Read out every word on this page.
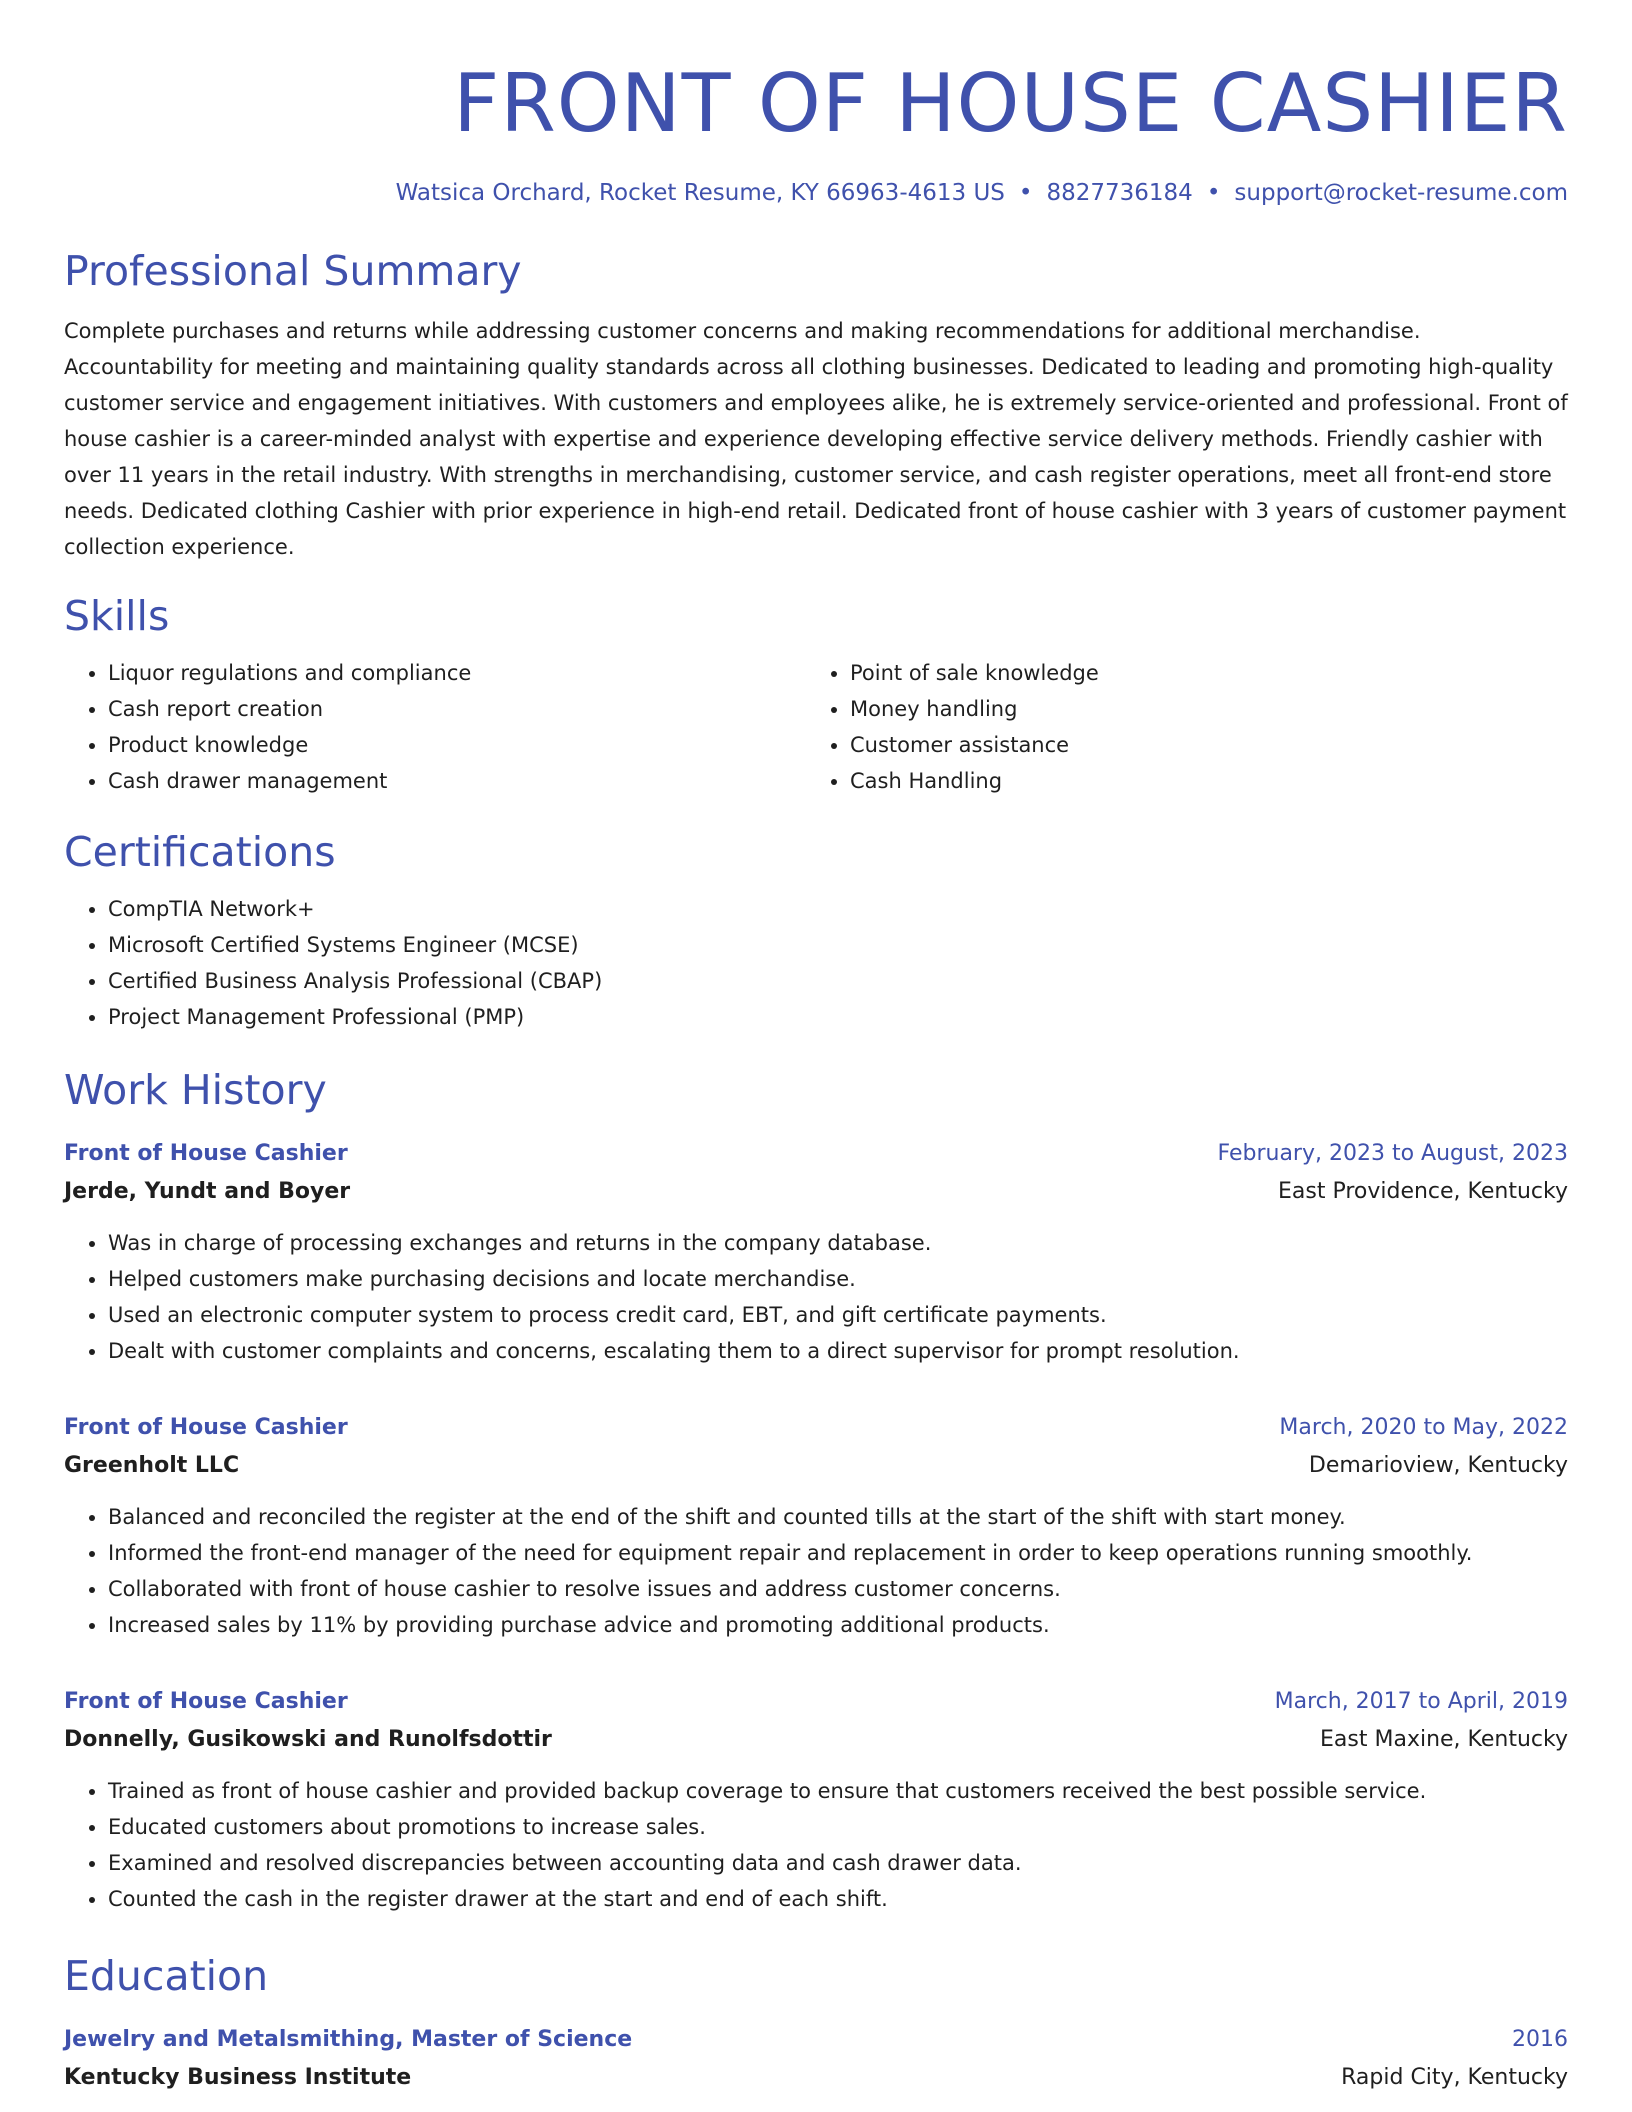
FRONT OF HOUSE CASHIER
Watsica Orchard, Rocket Resume, KY 66963-4613 US • 8827736184 • support@rocket-resume.com
Professional Summary
Complete purchases and returns while addressing customer concerns and making recommendations for additional merchandise. Accountability for meeting and maintaining quality standards across all clothing businesses. Dedicated to leading and promoting high-quality customer service and engagement initiatives. With customers and employees alike, he is extremely service-oriented and professional. Front of house cashier is a career-minded analyst with expertise and experience developing effective service delivery methods. Friendly cashier with over 11 years in the retail industry. With strengths in merchandising, customer service, and cash register operations, meet all front-end store needs. Dedicated clothing Cashier with prior experience in high-end retail. Dedicated front of house cashier with 3 years of customer payment collection experience.
Skills
• Liquor regulations and compliance
• Cash report creation
• Product knowledge
• Cash drawer management
• Point of sale knowledge
• Money handling
• Customer assistance
• Cash Handling
Certifications
• CompTIA Network+
• Microsoft Certified Systems Engineer (MCSE)
• Certified Business Analysis Professional (CBAP)
• Project Management Professional (PMP)
Work History
Front of House Cashier	February, 2023 to August, 2023
Jerde, Yundt and Boyer	East Providence, Kentucky
• Was in charge of processing exchanges and returns in the company database.
• Helped customers make purchasing decisions and locate merchandise.
• Used an electronic computer system to process credit card, EBT, and gift certificate payments.
• Dealt with customer complaints and concerns, escalating them to a direct supervisor for prompt resolution.
Front of House Cashier	March, 2020 to May, 2022
Greenholt LLC	Demarioview, Kentucky
• Balanced and reconciled the register at the end of the shift and counted tills at the start of the shift with start money.
• Informed the front-end manager of the need for equipment repair and replacement in order to keep operations running smoothly.
• Collaborated with front of house cashier to resolve issues and address customer concerns.
• Increased sales by 11% by providing purchase advice and promoting additional products.
Front of House Cashier	March, 2017 to April, 2019
Donnelly, Gusikowski and Runolfsdottir	East Maxine, Kentucky
• Trained as front of house cashier and provided backup coverage to ensure that customers received the best possible service.
• Educated customers about promotions to increase sales.
• Examined and resolved discrepancies between accounting data and cash drawer data.
• Counted the cash in the register drawer at the start and end of each shift.
Education
Jewelry and Metalsmithing, Master of Science	2016
Kentucky Business Institute	Rapid City, Kentucky
